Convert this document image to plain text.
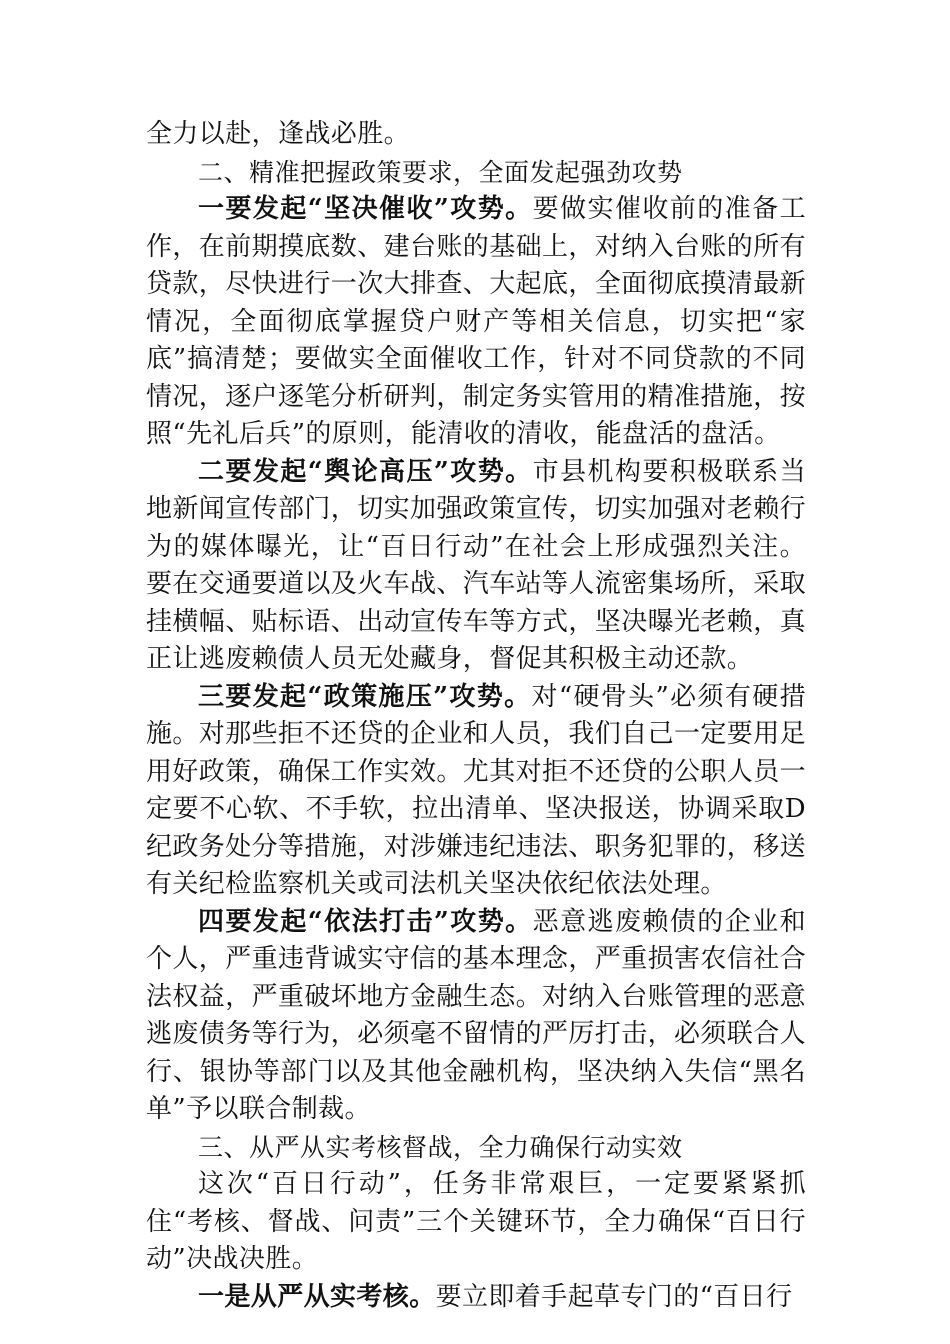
全力以赴，逢战必胜。

二、精准把握政策要求，全面发起强劲攻势

一要发起“坚决催收”攻势。要做实催收前的准备工作，在前期摸底数、建台账的基础上，对纳入台账的所有贷款，尽快进行一次大排查、大起底，全面彻底摸清最新情况，全面彻底掌握贷户财产等相关信息，切实把“家底”搞清楚；要做实全面催收工作，针对不同贷款的不同情况，逐户逐笔分析研判，制定务实管用的精准措施，按照“先礼后兵”的原则，能清收的清收，能盘活的盘活。

二要发起“舆论高压”攻势。市县机构要积极联系当地新闻宣传部门，切实加强政策宣传，切实加强对老赖行为的媒体曝光，让“百日行动”在社会上形成强烈关注。要在交通要道以及火车战、汽车站等人流密集场所，采取挂横幅、贴标语、出动宣传车等方式，坚决曝光老赖，真正让逃废赖债人员无处藏身，督促其积极主动还款。

三要发起“政策施压”攻势。对“硬骨头”必须有硬措施。对那些拒不还贷的企业和人员，我们自己一定要用足用好政策，确保工作实效。尤其对拒不还贷的公职人员一定要不心软、不手软，拉出清单、坚决报送，协调采取D纪政务处分等措施，对涉嫌违纪违法、职务犯罪的，移送有关纪检监察机关或司法机关坚决依纪依法处理。

四要发起“依法打击”攻势。恶意逃废赖债的企业和个人，严重违背诚实守信的基本理念，严重损害农信社合法权益，严重破坏地方金融生态。对纳入台账管理的恶意逃废债务等行为，必须毫不留情的严厉打击，必须联合人行、银协等部门以及其他金融机构，坚决纳入失信“黑名单”予以联合制裁。

三、从严从实考核督战，全力确保行动实效

这次“百日行动”，任务非常艰巨，一定要紧紧抓住“考核、督战、问责”三个关键环节，全力确保“百日行动”决战决胜。

一是从严从实考核。要立即着手起草专门的“百日行
